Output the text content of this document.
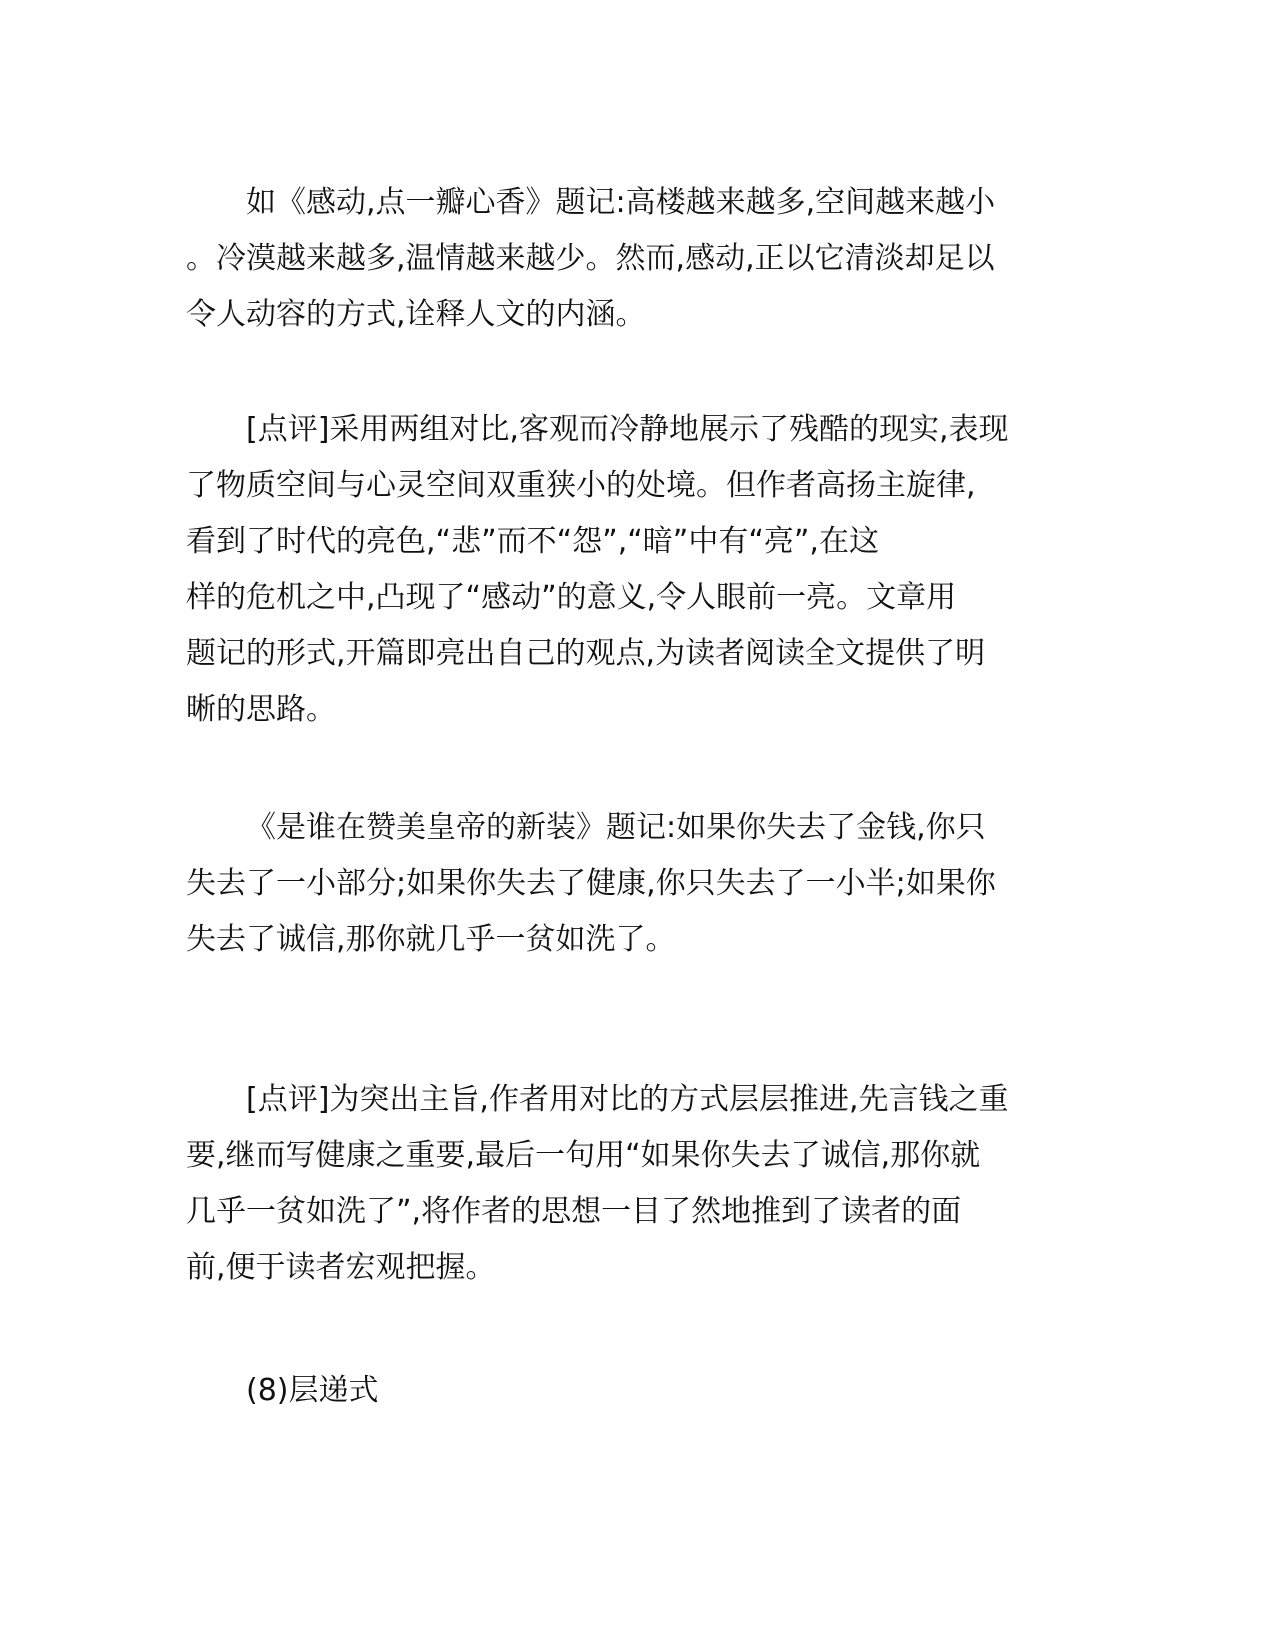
如《感动,点一瓣心香》题记:高楼越来越多,空间越来越小
。冷漠越来越多,温情越来越少。然而,感动,正以它清淡却足以
令人动容的方式,诠释人文的内涵。
[点评]采用两组对比,客观而冷静地展示了残酷的现实,表现
了物质空间与心灵空间双重狭小的处境。但作者高扬主旋律,
看到了时代的亮色,“悲”而不“怨”,“暗”中有“亮”,在这
样的危机之中,凸现了“感动”的意义,令人眼前一亮。文章用
题记的形式,开篇即亮出自己的观点,为读者阅读全文提供了明
晰的思路。
《是谁在赞美皇帝的新装》题记:如果你失去了金钱,你只
失去了一小部分;如果你失去了健康,你只失去了一小半;如果你
失去了诚信,那你就几乎一贫如洗了。
[点评]为突出主旨,作者用对比的方式层层推进,先言钱之重
要,继而写健康之重要,最后一句用“如果你失去了诚信,那你就
几乎一贫如洗了”,将作者的思想一目了然地推到了读者的面
前,便于读者宏观把握。
(8)层递式
